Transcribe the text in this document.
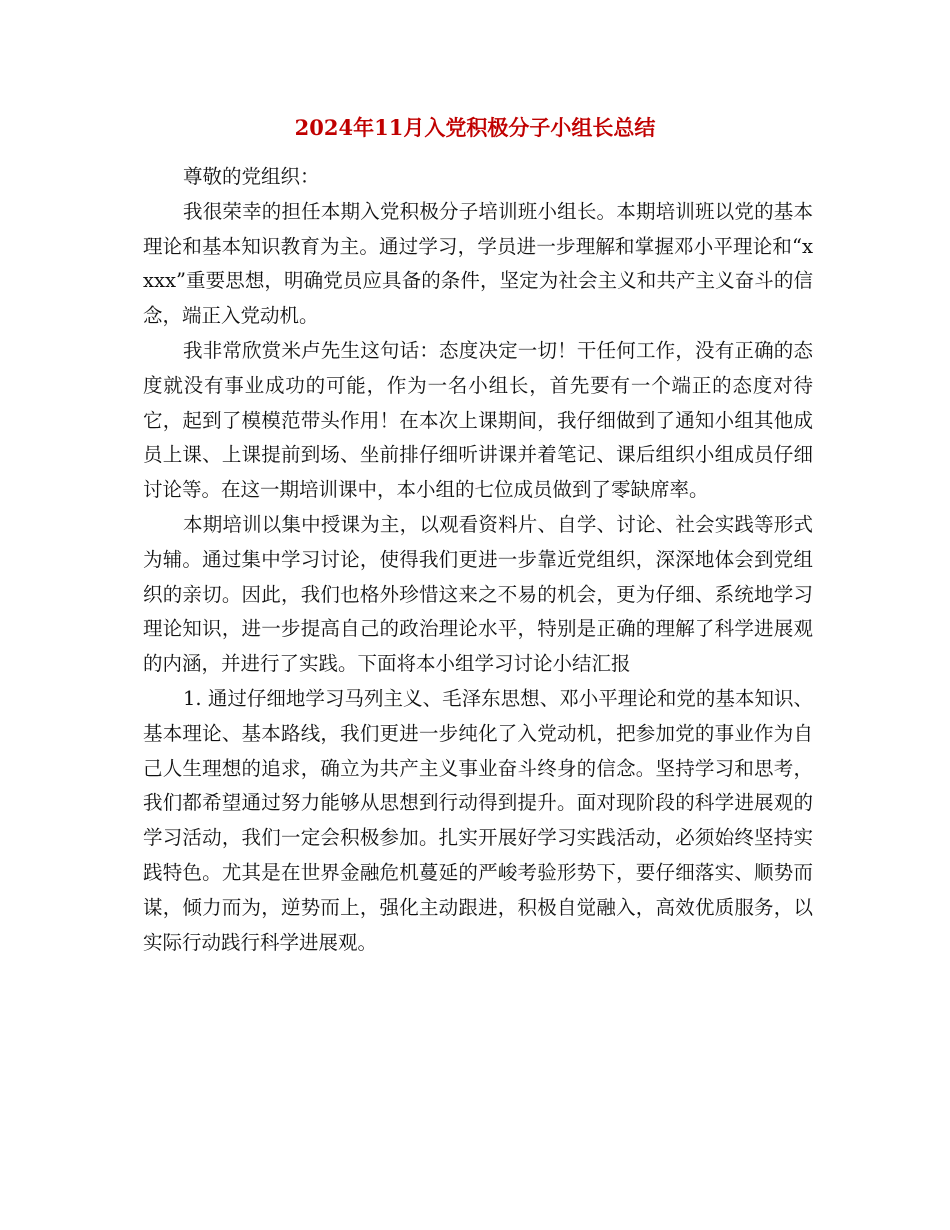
2024年11月入党积极分子小组长总结

尊敬的党组织：

我很荣幸的担任本期入党积极分子培训班小组长。本期培训班以党的基本理论和基本知识教育为主。通过学习，学员进一步理解和掌握邓小平理论和“xxxx”重要思想，明确党员应具备的条件，坚定为社会主义和共产主义奋斗的信念，端正入党动机。

我非常欣赏米卢先生这句话：态度决定一切！干任何工作，没有正确的态度就没有事业成功的可能，作为一名小组长，首先要有一个端正的态度对待它，起到了模模范带头作用！在本次上课期间，我仔细做到了通知小组其他成员上课、上课提前到场、坐前排仔细听讲课并着笔记、课后组织小组成员仔细讨论等。在这一期培训课中，本小组的七位成员做到了零缺席率。

本期培训以集中授课为主，以观看资料片、自学、讨论、社会实践等形式为辅。通过集中学习讨论，使得我们更进一步靠近党组织，深深地体会到党组织的亲切。因此，我们也格外珍惜这来之不易的机会，更为仔细、系统地学习理论知识，进一步提高自己的政治理论水平，特别是正确的理解了科学进展观的内涵，并进行了实践。下面将本小组学习讨论小结汇报

1. 通过仔细地学习马列主义、毛泽东思想、邓小平理论和党的基本知识、基本理论、基本路线，我们更进一步纯化了入党动机，把参加党的事业作为自己人生理想的追求，确立为共产主义事业奋斗终身的信念。坚持学习和思考，我们都希望通过努力能够从思想到行动得到提升。面对现阶段的科学进展观的学习活动，我们一定会积极参加。扎实开展好学习实践活动，必须始终坚持实践特色。尤其是在世界金融危机蔓延的严峻考验形势下，要仔细落实、顺势而谋，倾力而为，逆势而上，强化主动跟进，积极自觉融入，高效优质服务，以实际行动践行科学进展观。
